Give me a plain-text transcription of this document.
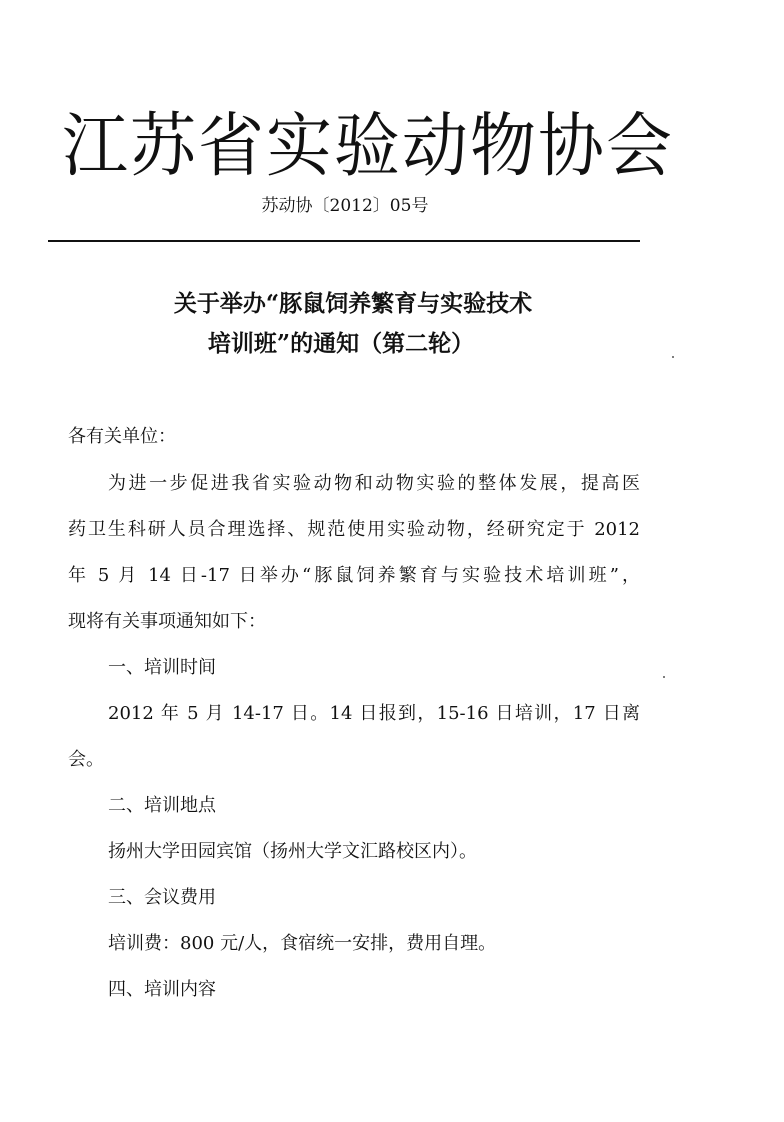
江苏省实验动物协会
苏动协〔2012〕05号
关于举办“豚鼠饲养繁育与实验技术
培训班”的通知（第二轮）
各有关单位：
为进一步促进我省实验动物和动物实验的整体发展，提高医
药卫生科研人员合理选择、规范使用实验动物，经研究定于 2012
年 5 月 14 日-17 日举办“豚鼠饲养繁育与实验技术培训班”，
现将有关事项通知如下：
一、培训时间
2012 年 5 月 14-17 日。14 日报到，15-16 日培训，17 日离
会。
二、培训地点
扬州大学田园宾馆（扬州大学文汇路校区内）。
三、会议费用
培训费：800 元/人，食宿统一安排，费用自理。
四、培训内容
